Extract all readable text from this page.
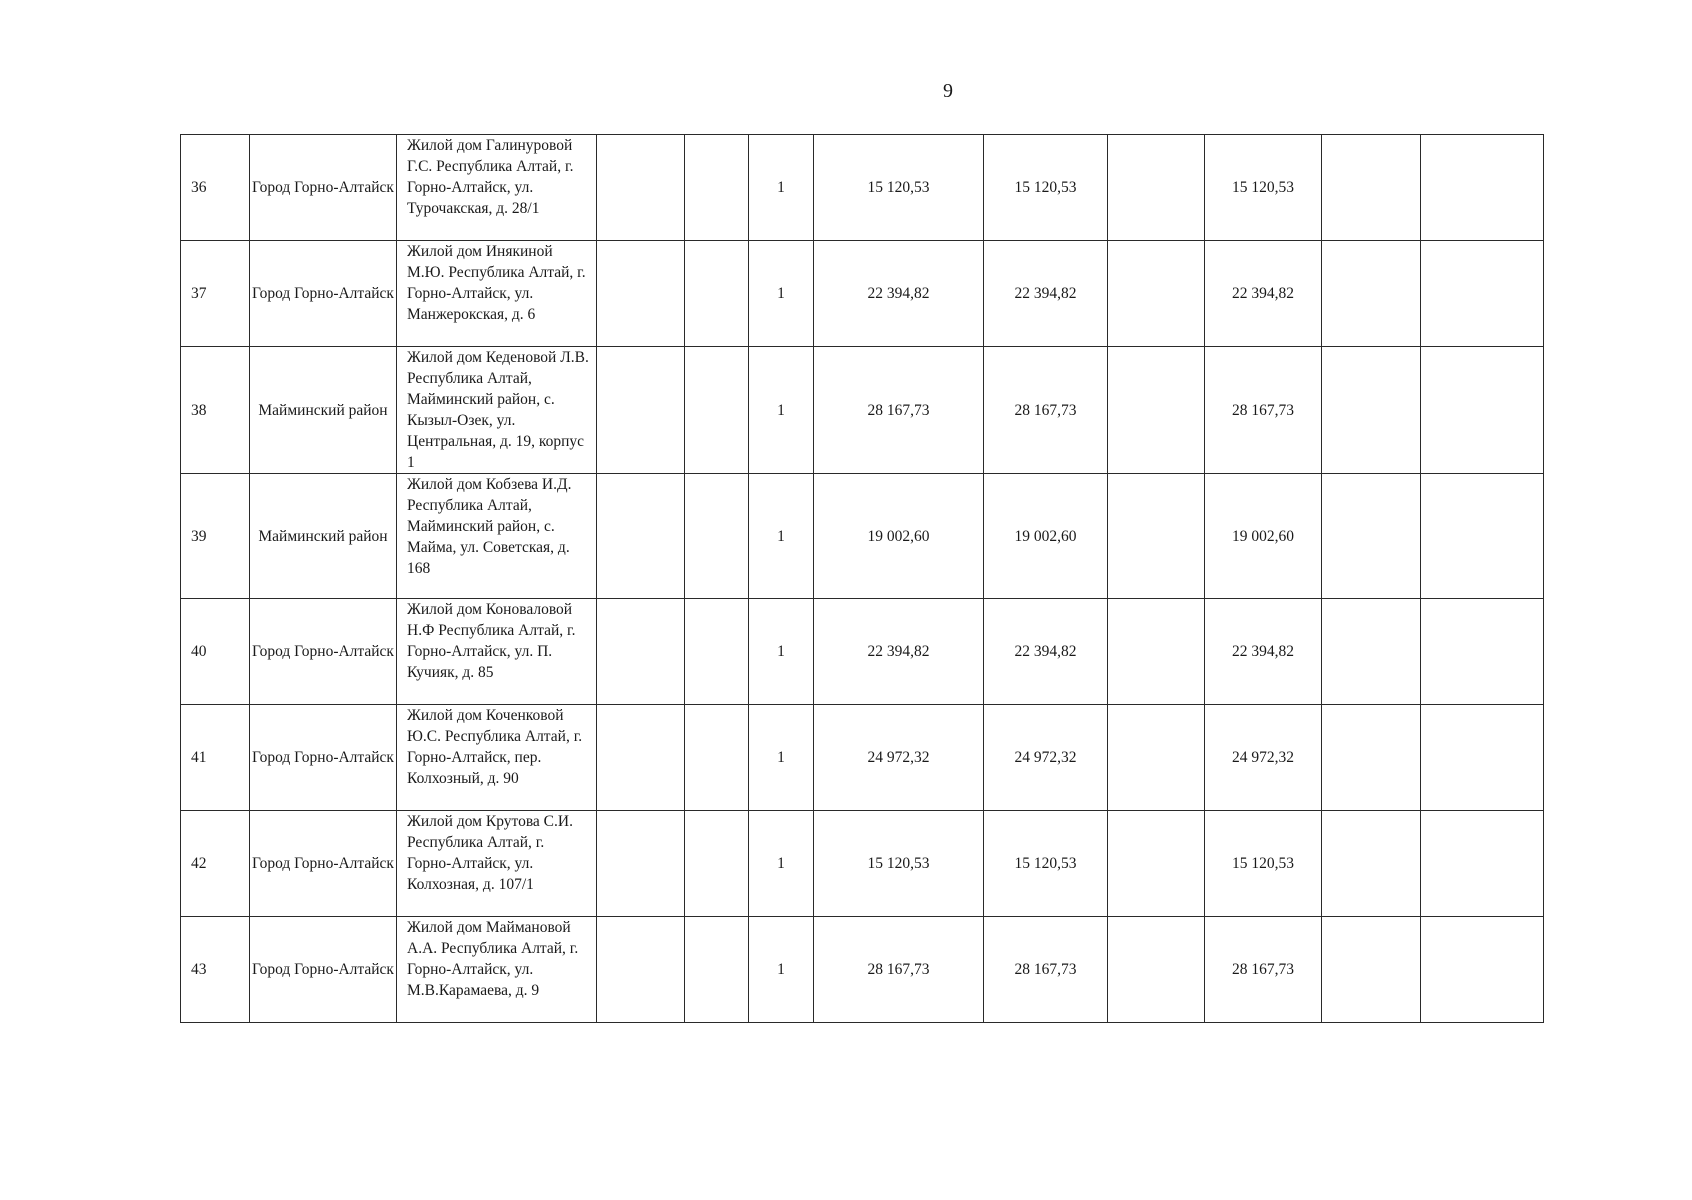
9
36	Город Горно-Алтайск	Жилой дом Галинуровой Г.С. Республика Алтай, г. Горно-Алтайск, ул. Турочакская, д. 28/1			1	15 120,53	15 120,53		15 120,53		
37	Город Горно-Алтайск	Жилой дом Инякиной М.Ю. Республика Алтай, г. Горно-Алтайск, ул. Манжерокская, д. 6			1	22 394,82	22 394,82		22 394,82		
38	Майминский район	Жилой дом Кеденовой Л.В. Республика Алтай, Майминский район, с. Кызыл-Озек, ул. Центральная, д. 19, корпус 1			1	28 167,73	28 167,73		28 167,73		
39	Майминский район	Жилой дом Кобзева И.Д. Республика Алтай, Майминский район, с. Майма, ул. Советская, д. 168			1	19 002,60	19 002,60		19 002,60		
40	Город Горно-Алтайск	Жилой дом Коноваловой Н.Ф Республика Алтай, г. Горно-Алтайск, ул. П. Кучияк, д. 85			1	22 394,82	22 394,82		22 394,82		
41	Город Горно-Алтайск	Жилой дом Коченковой Ю.С. Республика Алтай, г. Горно-Алтайск, пер. Колхозный, д. 90			1	24 972,32	24 972,32		24 972,32		
42	Город Горно-Алтайск	Жилой дом Крутова С.И. Республика Алтай, г. Горно-Алтайск, ул. Колхозная, д. 107/1			1	15 120,53	15 120,53		15 120,53		
43	Город Горно-Алтайск	Жилой дом Маймановой А.А. Республика Алтай, г. Горно-Алтайск, ул. М.В.Карамаева, д. 9			1	28 167,73	28 167,73		28 167,73		
